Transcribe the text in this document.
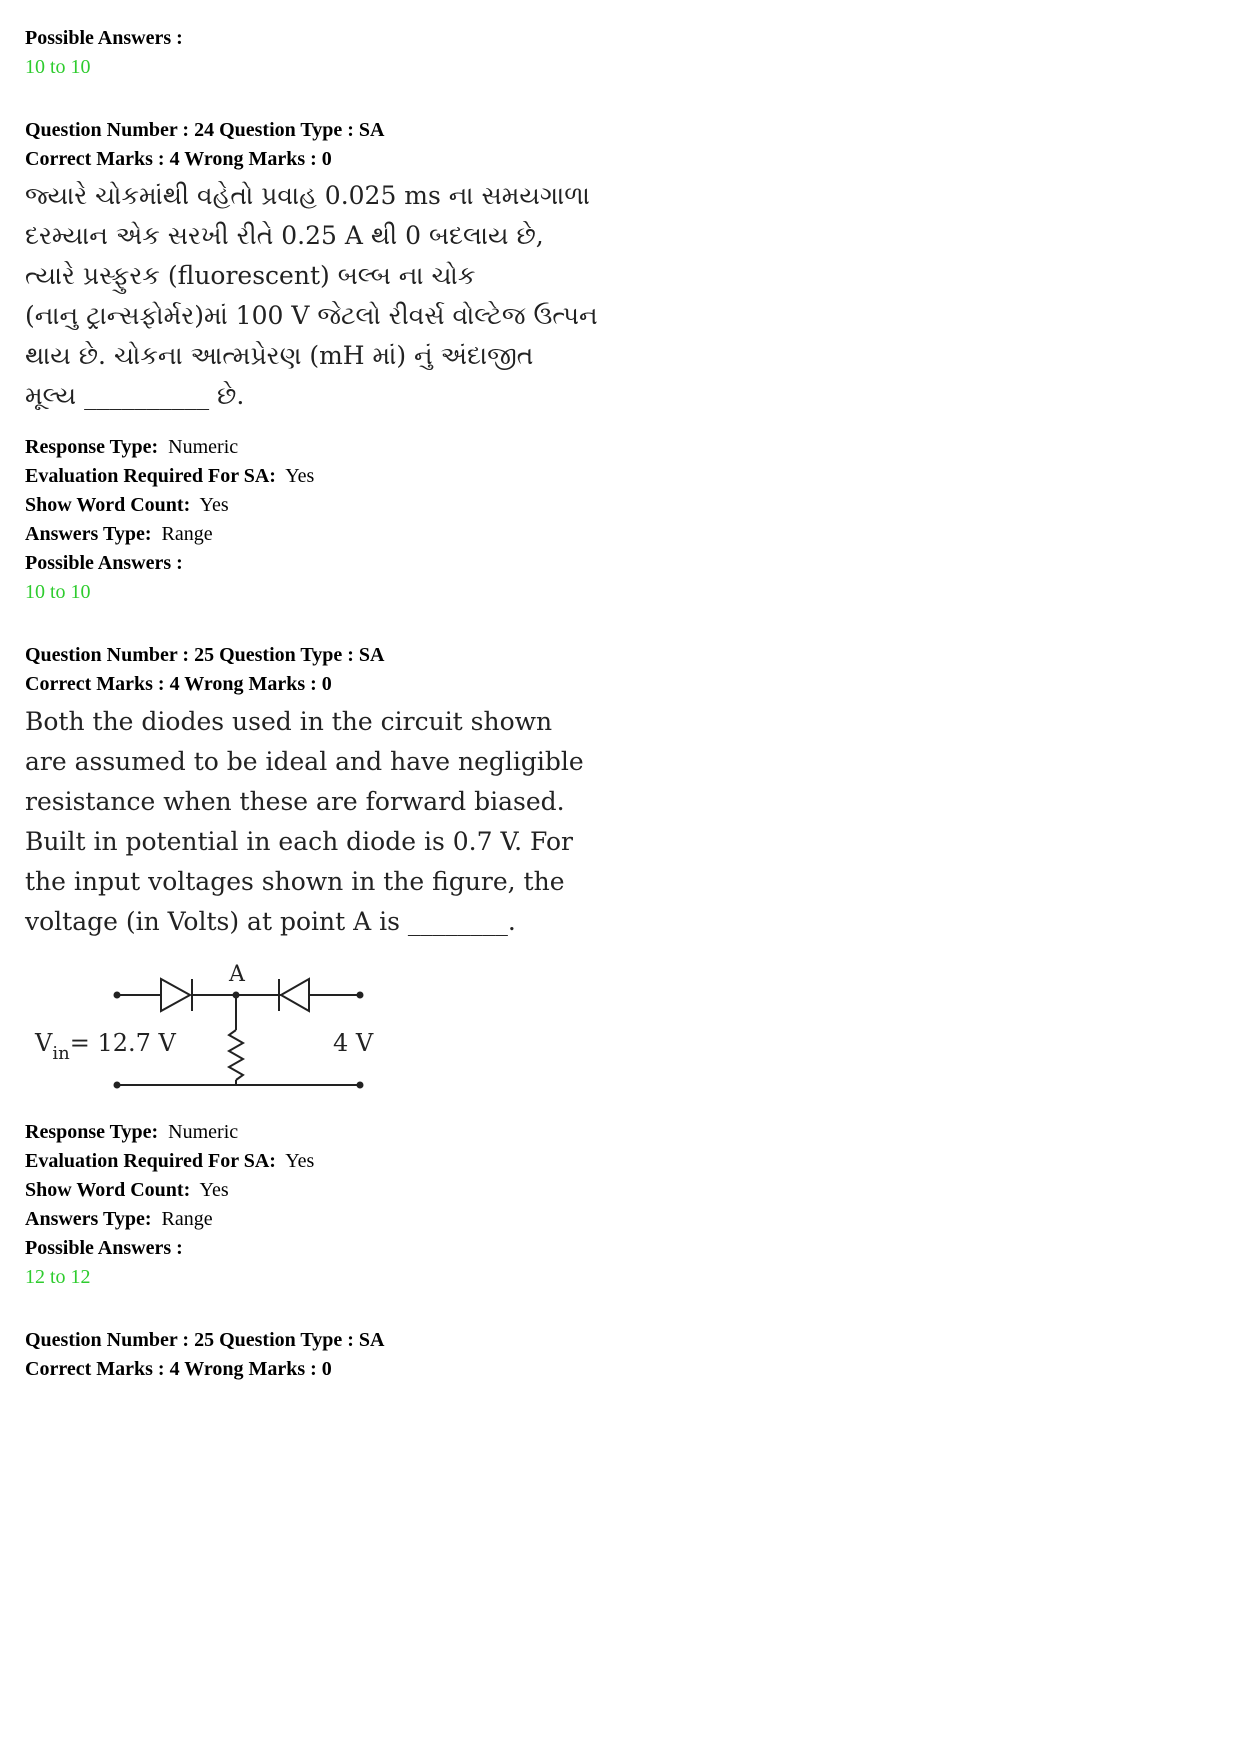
Possible Answers :
10 to 10
Question Number : 24 Question Type : SA
Correct Marks : 4 Wrong Marks : 0
જ્યારે ચોકમાંથી વહેતો પ્રવાહ 0.025 ms ના સમયગાળા
દરમ્યાન એક સરખી રીતે 0.25 A થી 0 બદલાય છે,
ત્યારે પ્રસ્ફુરક (fluorescent) બલ્બ ના ચોક
(નાનુ ટ્રાન્સફોર્મર)માં 100 V જેટલો રીવર્સ વોલ્ટેજ ઉત્પન
થાય છે. ચોકના આત્મપ્રેરણ (mH માં) નું અંદાજીત
મૂલ્ય __________ છે.
Response Type: Numeric
Evaluation Required For SA: Yes
Show Word Count: Yes
Answers Type: Range
Possible Answers :
10 to 10
Question Number : 25 Question Type : SA
Correct Marks : 4 Wrong Marks : 0
Both the diodes used in the circuit shown
are assumed to be ideal and have negligible
resistance when these are forward biased.
Built in potential in each diode is 0.7 V. For
the input voltages shown in the figure, the
voltage (in Volts) at point A is ________.
A
$V_{in}= 12.7$ V	4 V
Response Type: Numeric
Evaluation Required For SA: Yes
Show Word Count: Yes
Answers Type: Range
Possible Answers :
12 to 12
Question Number : 25 Question Type : SA
Correct Marks : 4 Wrong Marks : 0
